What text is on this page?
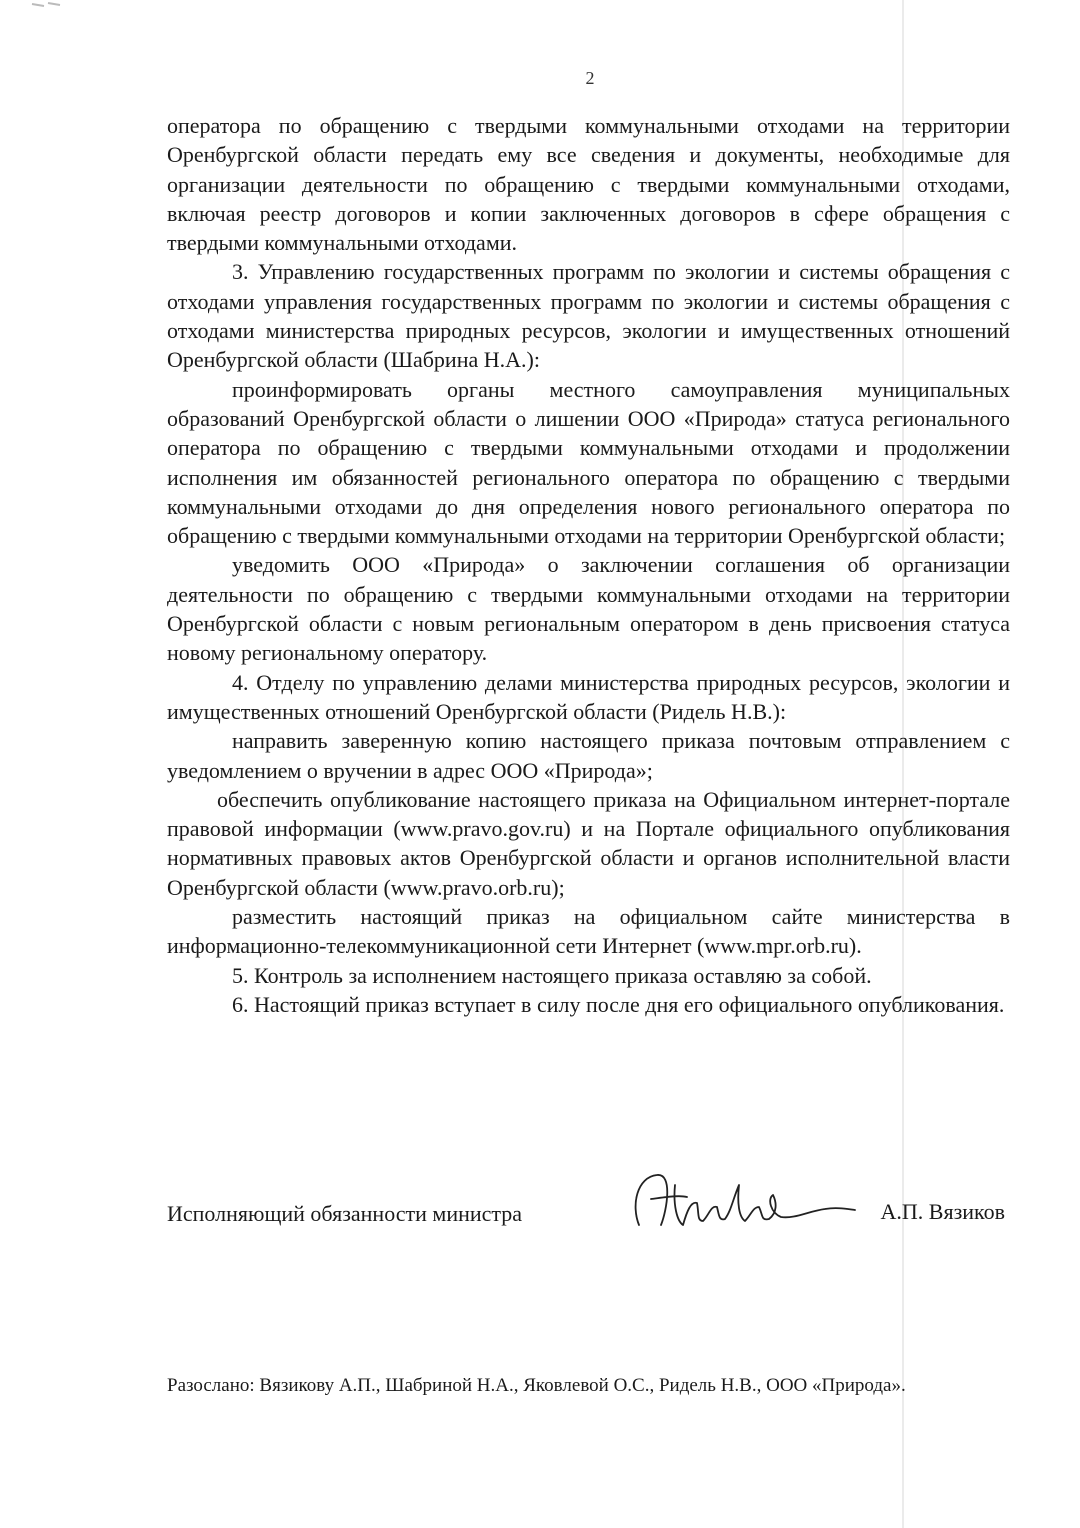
2

оператора по обращению с твердыми коммунальными отходами на территории Оренбургской области передать ему все сведения и документы, необходимые для организации деятельности по обращению с твердыми коммунальными отходами, включая реестр договоров и копии заключенных договоров в сфере обращения с твердыми коммунальными отходами.

3. Управлению государственных программ по экологии и системы обращения с отходами управления государственных программ по экологии и системы обращения с отходами министерства природных ресурсов, экологии и имущественных отношений Оренбургской области (Шабрина Н.А.):

проинформировать органы местного самоуправления муниципальных образований Оренбургской области о лишении ООО «Природа» статуса регионального оператора по обращению с твердыми коммунальными отходами и продолжении исполнения им обязанностей регионального оператора по обращению с твердыми коммунальными отходами до дня определения нового регионального оператора по обращению с твердыми коммунальными отходами на территории Оренбургской области;

уведомить ООО «Природа» о заключении соглашения об организации деятельности по обращению с твердыми коммунальными отходами на территории Оренбургской области с новым региональным оператором в день присвоения статуса новому региональному оператору.

4. Отделу по управлению делами министерства природных ресурсов, экологии и имущественных отношений Оренбургской области (Ридель Н.В.):

направить заверенную копию настоящего приказа почтовым отправлением с уведомлением о вручении в адрес ООО «Природа»;

обеспечить опубликование настоящего приказа на Официальном интернет-портале правовой информации (www.pravo.gov.ru) и на Портале официального опубликования нормативных правовых актов Оренбургской области и органов исполнительной власти Оренбургской области (www.pravo.orb.ru);

разместить настоящий приказ на официальном сайте министерства в информационно-телекоммуникационной сети Интернет (www.mpr.orb.ru).

5. Контроль за исполнением настоящего приказа оставляю за собой.

6. Настоящий приказ вступает в силу после дня его официального опубликования.

Исполняющий обязанности министра	А.П. Вязиков

Разослано: Вязикову А.П., Шабриной Н.А., Яковлевой О.С., Ридель Н.В., ООО «Природа».
